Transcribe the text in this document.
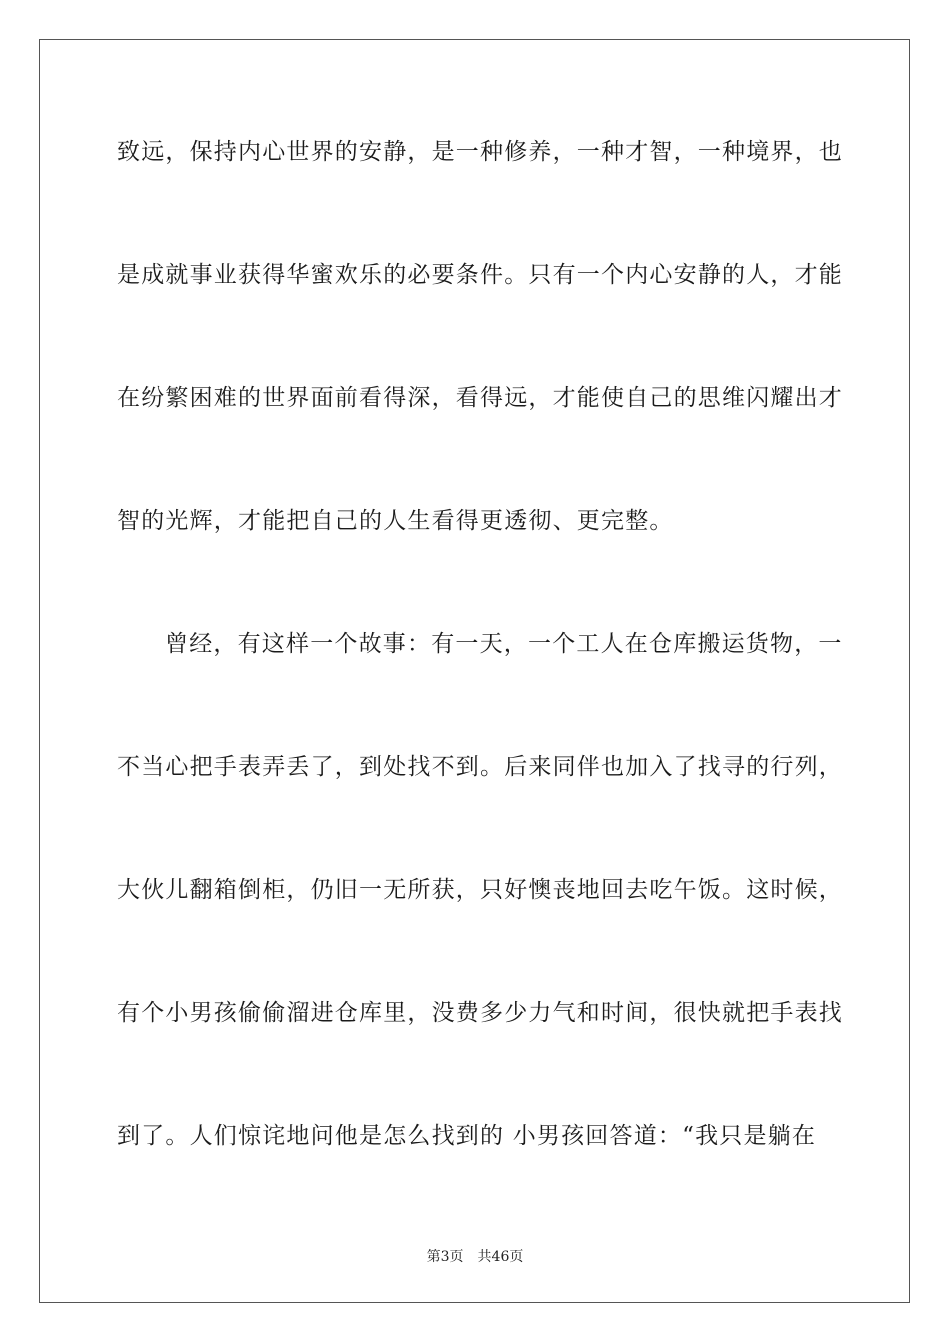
致远，保持内心世界的安静，是一种修养，一种才智，一种境界，也
是成就事业获得华蜜欢乐的必要条件。只有一个内心安静的人，才能
在纷繁困难的世界面前看得深，看得远，才能使自己的思维闪耀出才
智的光辉，才能把自己的人生看得更透彻、更完整。
曾经，有这样一个故事：有一天，一个工人在仓库搬运货物，一
不当心把手表弄丢了，到处找不到。后来同伴也加入了找寻的行列，
大伙儿翻箱倒柜，仍旧一无所获，只好懊丧地回去吃午饭。这时候，
有个小男孩偷偷溜进仓库里，没费多少力气和时间，很快就把手表找
到了。人们惊诧地问他是怎么找到的 小男孩回答道：“我只是躺在
第3页 共46页
